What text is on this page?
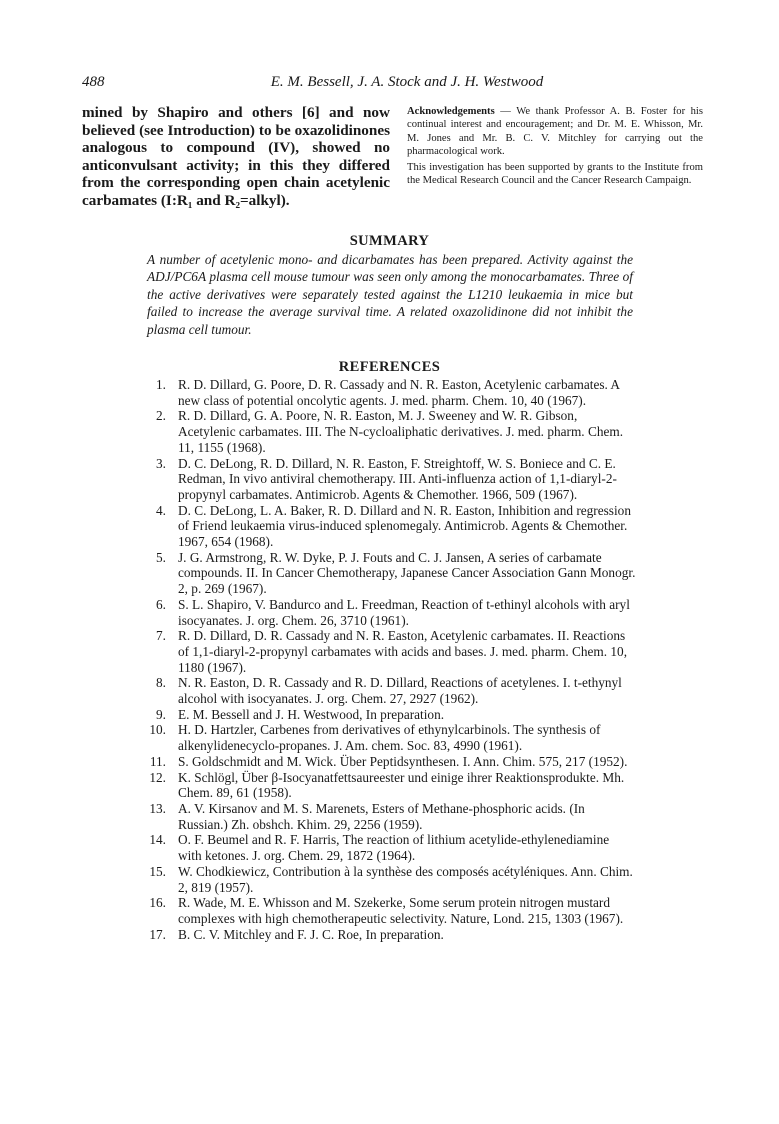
488	E. M. Bessell, J. A. Stock and J. H. Westwood
mined by Shapiro and others [6] and now believed (see Introduction) to be oxazolidinones analogous to compound (IV), showed no anticonvulsant activity; in this they differed from the corresponding open chain acetylenic carbamates (I:R₁ and R₂=alkyl).
Acknowledgements — We thank Professor A. B. Foster for his continual interest and encouragement; and Dr. M. E. Whisson, Mr. M. Jones and Mr. B. C. V. Mitchley for carrying out the pharmacological work.
This investigation has been supported by grants to the Institute from the Medical Research Council and the Cancer Research Campaign.
SUMMARY
A number of acetylenic mono- and dicarbamates has been prepared. Activity against the ADJ/PC6A plasma cell mouse tumour was seen only among the monocarbamates. Three of the active derivatives were separately tested against the L1210 leukaemia in mice but failed to increase the average survival time. A related oxazolidinone did not inhibit the plasma cell tumour.
REFERENCES
1. R. D. Dillard, G. Poore, D. R. Cassady and N. R. Easton, Acetylenic carbamates. A new class of potential oncolytic agents. J. med. pharm. Chem. 10, 40 (1967).
2. R. D. Dillard, G. A. Poore, N. R. Easton, M. J. Sweeney and W. R. Gibson, Acetylenic carbamates. III. The N-cycloaliphatic derivatives. J. med. pharm. Chem. 11, 1155 (1968).
3. D. C. DeLong, R. D. Dillard, N. R. Easton, F. Streightoff, W. S. Boniece and C. E. Redman, In vivo antiviral chemotherapy. III. Anti-influenza action of 1,1-diaryl-2-propynyl carbamates. Antimicrob. Agents & Chemother. 1966, 509 (1967).
4. D. C. DeLong, L. A. Baker, R. D. Dillard and N. R. Easton, Inhibition and regression of Friend leukaemia virus-induced splenomegaly. Antimicrob. Agents & Chemother. 1967, 654 (1968).
5. J. G. Armstrong, R. W. Dyke, P. J. Fouts and C. J. Jansen, A series of carbamate compounds. II. In Cancer Chemotherapy, Japanese Cancer Association Gann Monogr. 2, p. 269 (1967).
6. S. L. Shapiro, V. Bandurco and L. Freedman, Reaction of t-ethinyl alcohols with aryl isocyanates. J. org. Chem. 26, 3710 (1961).
7. R. D. Dillard, D. R. Cassady and N. R. Easton, Acetylenic carbamates. II. Reactions of 1,1-diaryl-2-propynyl carbamates with acids and bases. J. med. pharm. Chem. 10, 1180 (1967).
8. N. R. Easton, D. R. Cassady and R. D. Dillard, Reactions of acetylenes. I. t-ethynyl alcohol with isocyanates. J. org. Chem. 27, 2927 (1962).
9. E. M. Bessell and J. H. Westwood, In preparation.
10. H. D. Hartzler, Carbenes from derivatives of ethynylcarbinols. The synthesis of alkenylidenecyclo-propanes. J. Am. chem. Soc. 83, 4990 (1961).
11. S. Goldschmidt and M. Wick. Über Peptidsynthesen. I. Ann. Chim. 575, 217 (1952).
12. K. Schlögl, Über β-Isocyanatfettsaureester und einige ihrer Reaktionsprodukte. Mh. Chem. 89, 61 (1958).
13. A. V. Kirsanov and M. S. Marenets, Esters of Methane-phosphoric acids. (In Russian.) Zh. obshch. Khim. 29, 2256 (1959).
14. O. F. Beumel and R. F. Harris, The reaction of lithium acetylide-ethylenediamine with ketones. J. org. Chem. 29, 1872 (1964).
15. W. Chodkiewicz, Contribution à la synthèse des composés acétyléniques. Ann. Chim. 2, 819 (1957).
16. R. Wade, M. E. Whisson and M. Szekerke, Some serum protein nitrogen mustard complexes with high chemotherapeutic selectivity. Nature, Lond. 215, 1303 (1967).
17. B. C. V. Mitchley and F. J. C. Roe, In preparation.
